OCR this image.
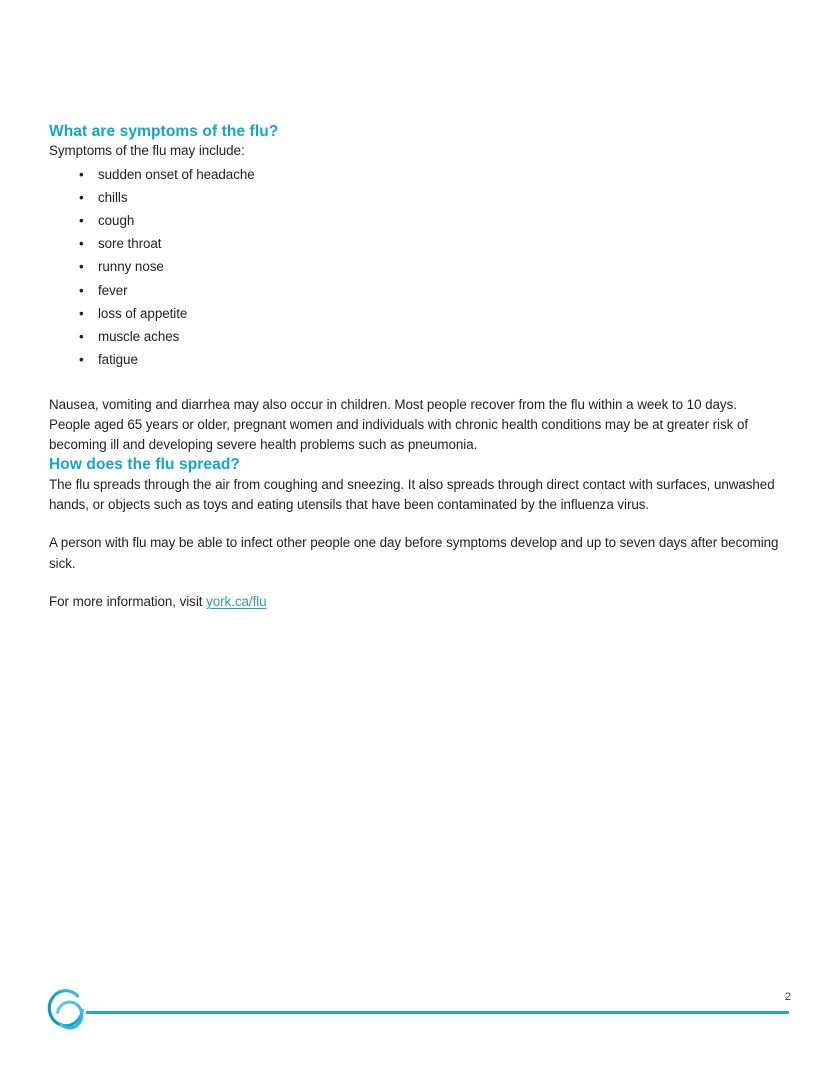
What are symptoms of the flu?

Symptoms of the flu may include:

• sudden onset of headache
• chills
• cough
• sore throat
• runny nose
• fever
• loss of appetite
• muscle aches
• fatigue

Nausea, vomiting and diarrhea may also occur in children. Most people recover from the flu within a week to 10 days. People aged 65 years or older, pregnant women and individuals with chronic health conditions may be at greater risk of becoming ill and developing severe health problems such as pneumonia.

How does the flu spread?

The flu spreads through the air from coughing and sneezing. It also spreads through direct contact with surfaces, unwashed hands, or objects such as toys and eating utensils that have been contaminated by the influenza virus.

A person with flu may be able to infect other people one day before symptoms develop and up to seven days after becoming sick.

For more information, visit york.ca/flu

2
